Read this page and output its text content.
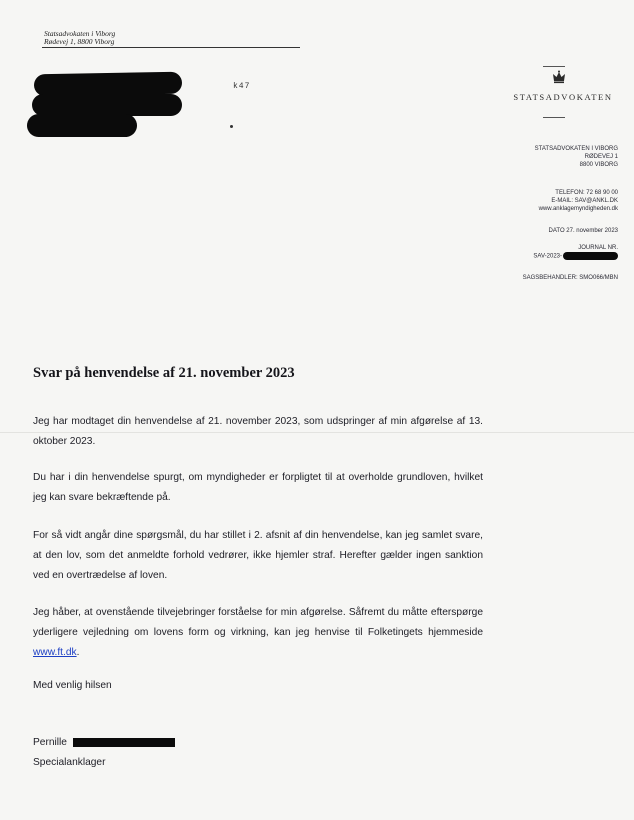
Statsadvokaten i Viborg
Rødevej 1, 8800 Viborg
k47
STATSADVOKATEN
STATSADVOKATEN I VIBORG
RØDEVEJ 1
8800 VIBORG
TELEFON: 72 68 90 00
E-MAIL: SAV@ANKL.DK
www.anklagemyndigheden.dk
DATO 27. november 2023
JOURNAL NR.
SAV-2023-
SAGSBEHANDLER: SMO066/MBN
Svar på henvendelse af 21. november 2023
Jeg har modtaget din henvendelse af 21. november 2023, som udspringer af min afgørelse af 13. oktober 2023.
Du har i din henvendelse spurgt, om myndigheder er forpligtet til at overholde grundloven, hvilket jeg kan svare bekræftende på.
For så vidt angår dine spørgsmål, du har stillet i 2. afsnit af din henvendelse, kan jeg samlet svare, at den lov, som det anmeldte forhold vedrører, ikke hjemler straf. Herefter gælder ingen sanktion ved en overtrædelse af loven.
Jeg håber, at ovenstående tilvejebringer forståelse for min afgørelse. Såfremt du måtte efterspørge yderligere vejledning om lovens form og virkning, kan jeg henvise til Folketingets hjemmeside www.ft.dk.
Med venlig hilsen
Pernille
Specialanklager
